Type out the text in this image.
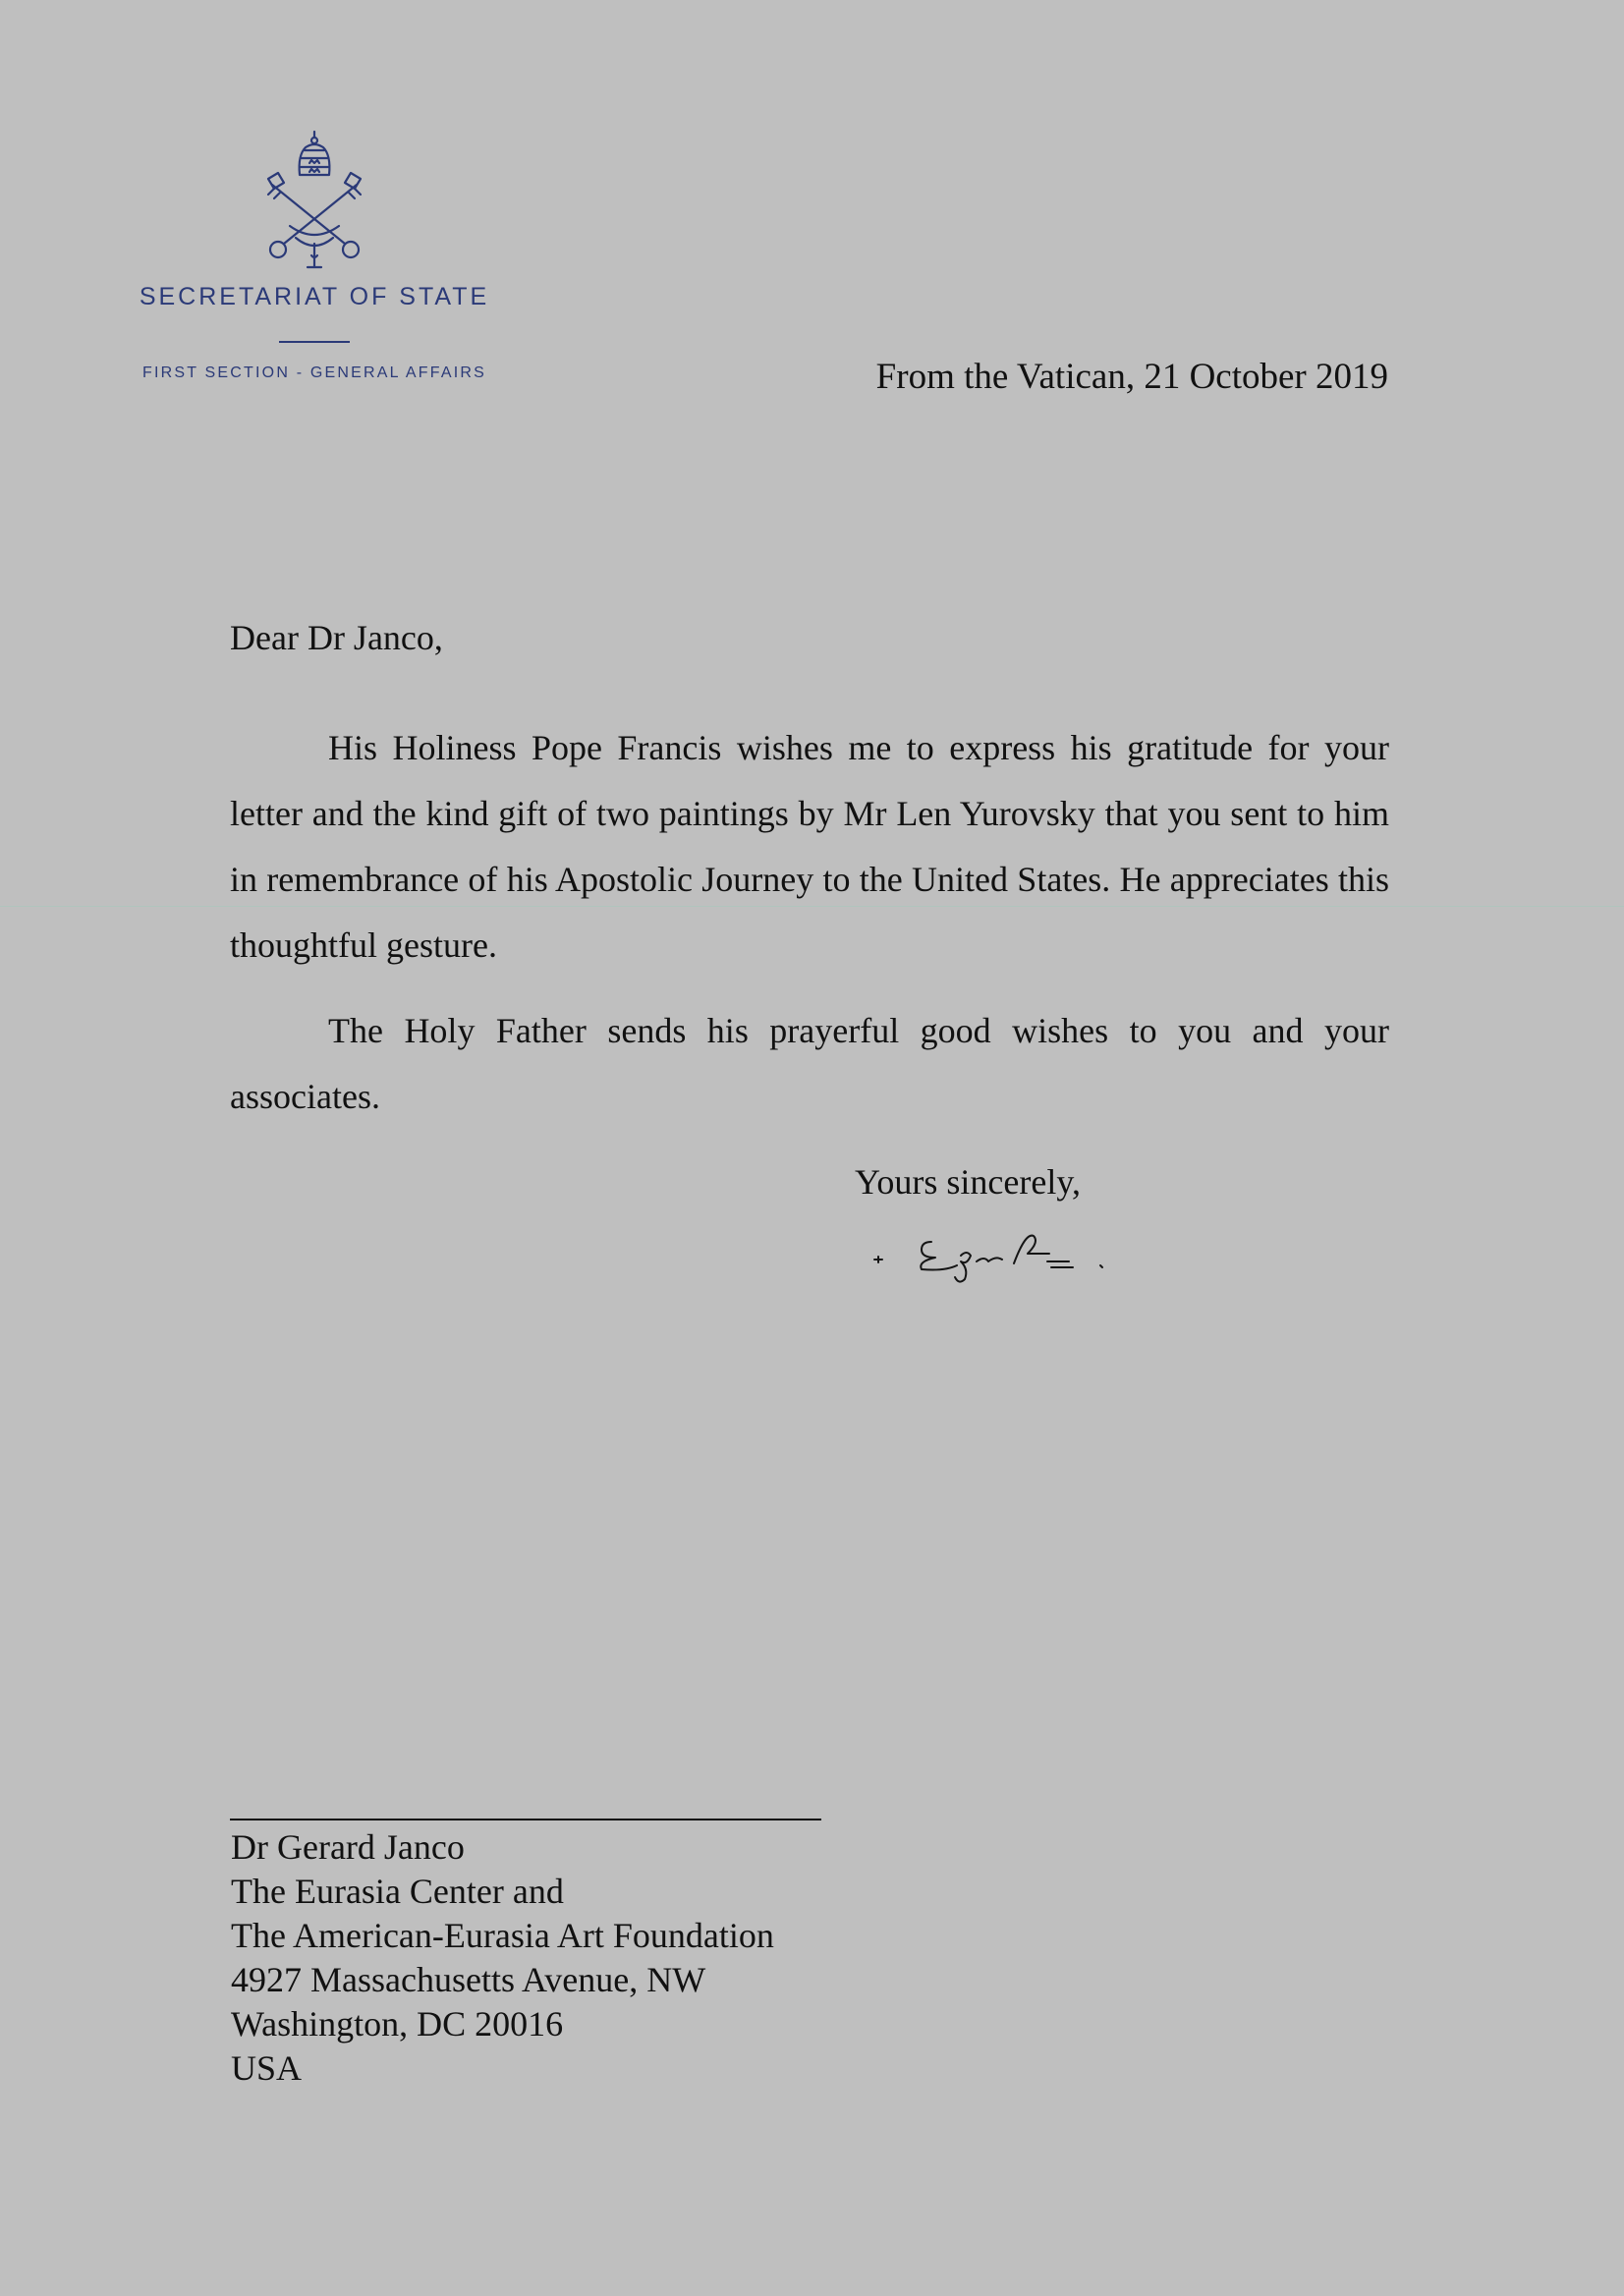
SECRETARIAT OF STATE
FIRST SECTION - GENERAL AFFAIRS	From the Vatican, 21 October 2019

Dear Dr Janco,

His Holiness Pope Francis wishes me to express his gratitude for your letter and the kind gift of two paintings by Mr Len Yurovsky that you sent to him in remembrance of his Apostolic Journey to the United States. He appreciates this thoughtful gesture.

The Holy Father sends his prayerful good wishes to you and your associates.

Yours sincerely,
Dr Gerard Janco
The Eurasia Center and
The American-Eurasia Art Foundation
4927 Massachusetts Avenue, NW
Washington, DC 20016
USA
